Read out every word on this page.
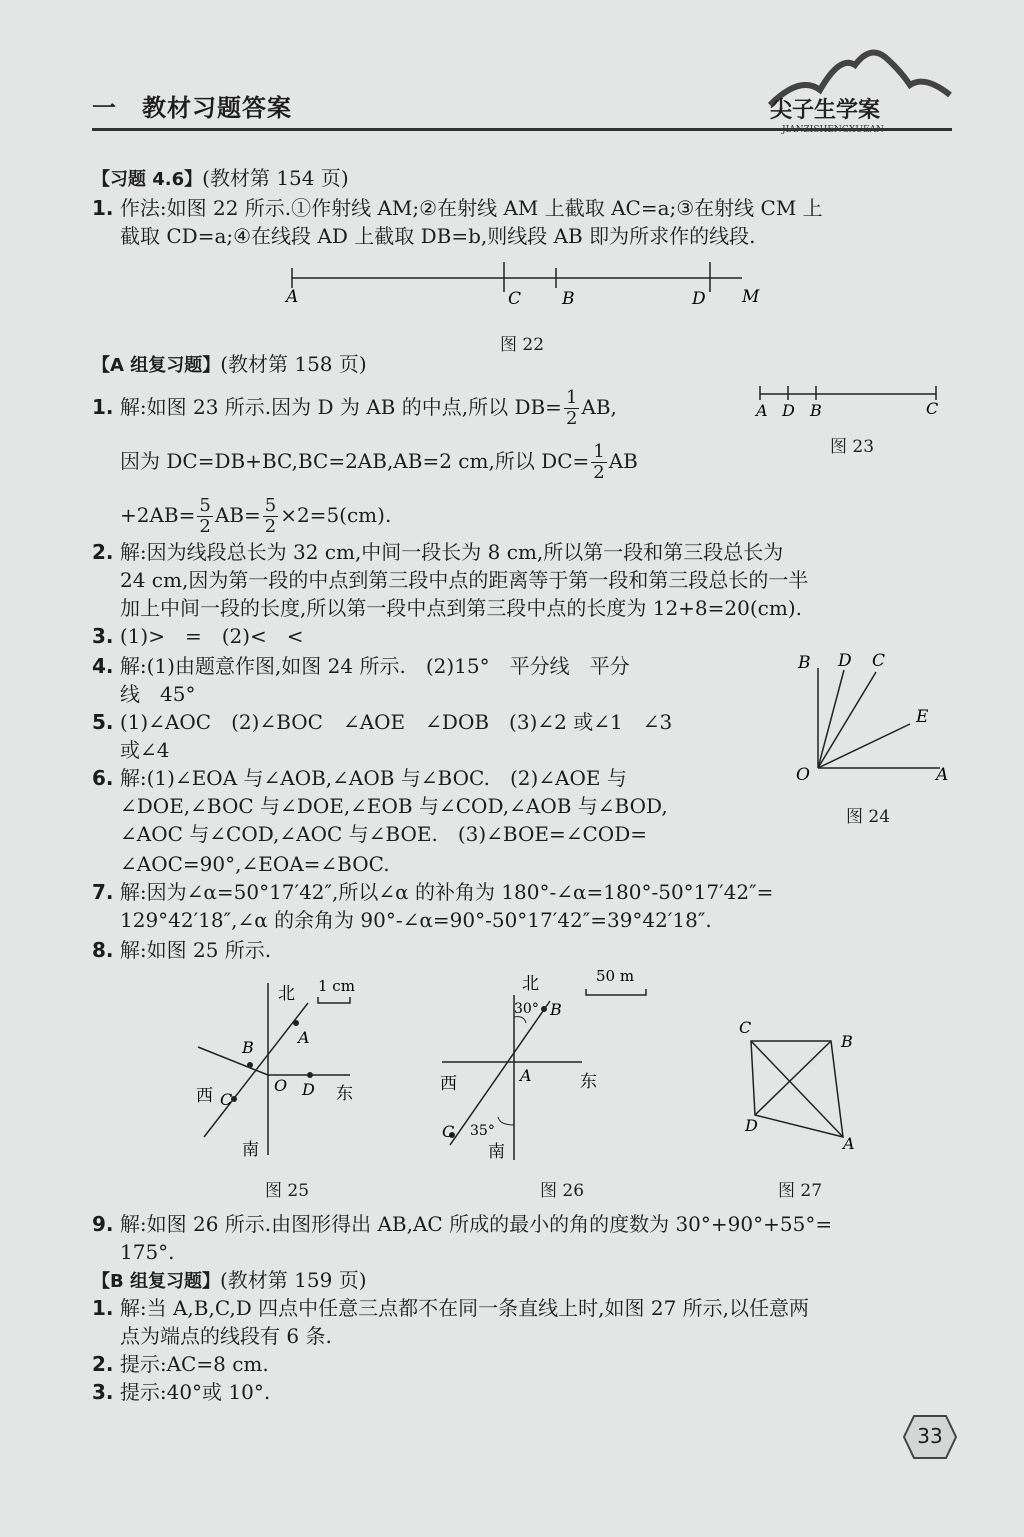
一　教材习题答案	尖子生学案
JIANZISHENGXUEAN
【习题 4.6】(教材第 154 页)
1. 作法:如图 22 所示.①作射线 AM;②在射线 AM 上截取 AC=a;③在射线 CM 上
截取 CD=a;④在线段 AD 上截取 DB=b,则线段 AB 即为所求作的线段.
A	C B	D M
图 22
【A 组复习题】(教材第 158 页)
1. 解:如图 23 所示.因为 D 为 AB 的中点,所以 $DB= \frac{1}{2}$ AB,	A D B	C
图 23
因为 DC=DB+BC,BC=2AB,AB=2 cm,所以 $DC= \frac{1}{2}$ AB
$+2AB= \frac{5}{2} AB= \frac{5}{2} \times 2=5(cm)$.
2. 解:因为线段总长为 32 cm,中间一段长为 8 cm,所以第一段和第三段总长为
24 cm,因为第一段的中点到第三段中点的距离等于第一段和第三段总长的一半
加上中间一段的长度,所以第一段中点到第三段中点的长度为 12+8=20(cm).
3. (1)>　=　(2)<　<
4. 解:(1)由题意作图,如图 24 所示.　(2)15°　平分线　平分
线　45°
B D C
E
O	A
图 24
5. (1)∠AOC　(2)∠BOC　∠AOE　∠DOB　(3)∠2 或∠1　∠3
或∠4
6. 解:(1)∠EOA 与∠AOB,∠AOB 与∠BOC.　(2)∠AOE 与
∠DOE,∠BOC 与∠DOE,∠EOB 与∠COD,∠AOB 与∠BOD,
∠AOC 与∠COD,∠AOC 与∠BOE.　(3)∠BOE=∠COD=
∠AOC=90°,∠EOA=∠BOC.
7. 解:因为∠α=50°17′42″,所以∠α 的补角为 180°-∠α=180°-50°17′42″=
129°42′18″,∠α 的余角为 90°-∠α=90°-50°17′42″=39°42′18″.
8. 解:如图 25 所示.
北 1 cm
A
B
C
O D
西	东
南
图 25
北	50 m
30° B
A
C 35°
西	东
南
图 26
C
B
D
A
图 27
9. 解:如图 26 所示.由图形得出 AB,AC 所成的最小的角的度数为 30°+90°+55°=
175°.
【B 组复习题】(教材第 159 页)
1. 解:当 A,B,C,D 四点中任意三点都不在同一条直线上时,如图 27 所示,以任意两
点为端点的线段有 6 条.
2. 提示:AC=8 cm.
3. 提示:40°或 10°.
33
